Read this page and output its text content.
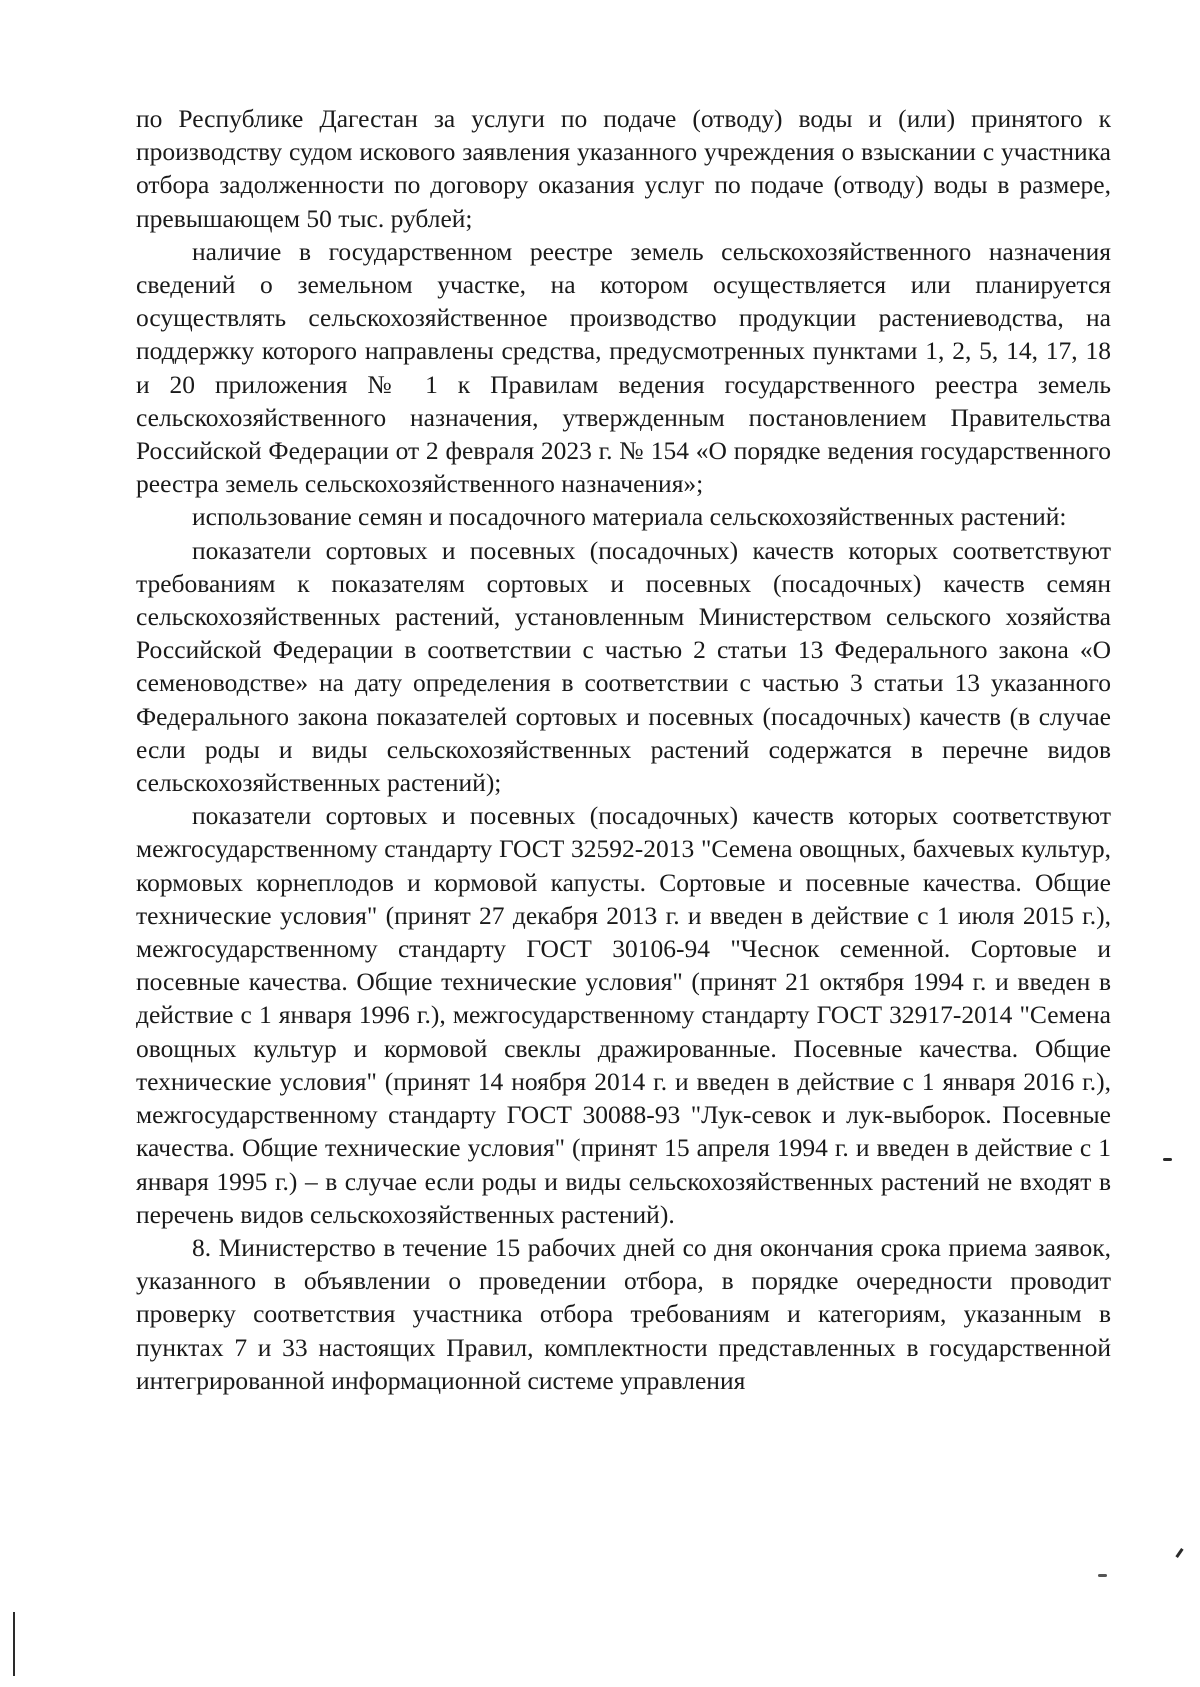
по Республике Дагестан за услуги по подаче (отводу) воды и (или) принятого к производству судом искового заявления указанного учреждения о взыскании с участника отбора задолженности по договору оказания услуг по подаче (отводу) воды в размере, превышающем 50 тыс. рублей;

наличие в государственном реестре земель сельскохозяйственного назначения сведений о земельном участке, на котором осуществляется или планируется осуществлять сельскохозяйственное производство продукции растениеводства, на поддержку которого направлены средства, предусмотренных пунктами 1, 2, 5, 14, 17, 18 и 20 приложения № 1 к Правилам ведения государственного реестра земель сельскохозяйственного назначения, утвержденным постановлением Правительства Российской Федерации от 2 февраля 2023 г. № 154 «О порядке ведения государственного реестра земель сельскохозяйственного назначения»;

использование семян и посадочного материала сельскохозяйственных растений:

показатели сортовых и посевных (посадочных) качеств которых соответствуют требованиям к показателям сортовых и посевных (посадочных) качеств семян сельскохозяйственных растений, установленным Министерством сельского хозяйства Российской Федерации в соответствии с частью 2 статьи 13 Федерального закона «О семеноводстве» на дату определения в соответствии с частью 3 статьи 13 указанного Федерального закона показателей сортовых и посевных (посадочных) качеств (в случае если роды и виды сельскохозяйственных растений содержатся в перечне видов сельскохозяйственных растений);

показатели сортовых и посевных (посадочных) качеств которых соответствуют межгосударственному стандарту ГОСТ 32592-2013 "Семена овощных, бахчевых культур, кормовых корнеплодов и кормовой капусты. Сортовые и посевные качества. Общие технические условия" (принят 27 декабря 2013 г. и введен в действие с 1 июля 2015 г.), межгосударственному стандарту ГОСТ 30106-94 "Чеснок семенной. Сортовые и посевные качества. Общие технические условия" (принят 21 октября 1994 г. и введен в действие с 1 января 1996 г.), межгосударственному стандарту ГОСТ 32917-2014 "Семена овощных культур и кормовой свеклы дражированные. Посевные качества. Общие технические условия" (принят 14 ноября 2014 г. и введен в действие с 1 января 2016 г.), межгосударственному стандарту ГОСТ 30088-93 "Лук-севок и лук-выборок. Посевные качества. Общие технические условия" (принят 15 апреля 1994 г. и введен в действие с 1 января 1995 г.) – в случае если роды и виды сельскохозяйственных растений не входят в перечень видов сельскохозяйственных растений).

8. Министерство в течение 15 рабочих дней со дня окончания срока приема заявок, указанного в объявлении о проведении отбора, в порядке очередности проводит проверку соответствия участника отбора требованиям и категориям, указанным в пунктах 7 и 33 настоящих Правил, комплектности представленных в государственной интегрированной информационной системе управления
